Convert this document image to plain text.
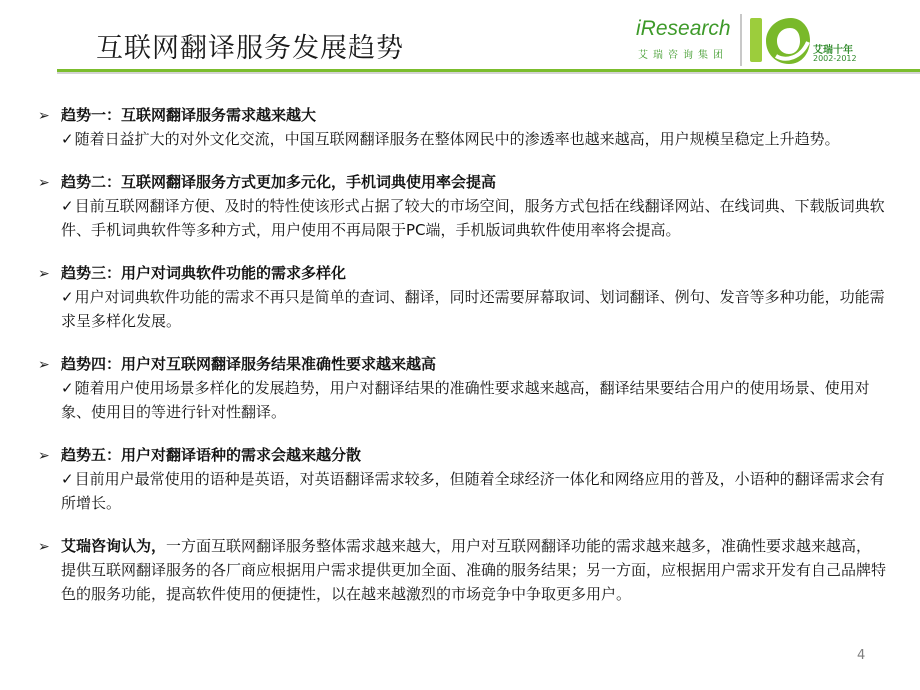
互联网翻译服务发展趋势
iResearch
艾瑞咨询集团	艾瑞十年
2002-2012
➢ 趋势一：互联网翻译服务需求越来越大
✓随着日益扩大的对外文化交流，中国互联网翻译服务在整体网民中的渗透率也越来越高，用户规模呈稳定上升趋势。
➢ 趋势二：互联网翻译服务方式更加多元化，手机词典使用率会提高
✓目前互联网翻译方便、及时的特性使该形式占据了较大的市场空间，服务方式包括在线翻译网站、在线词典、下载版词典软件、手机词典软件等多种方式，用户使用不再局限于PC端，手机版词典软件使用率将会提高。
➢ 趋势三：用户对词典软件功能的需求多样化
✓用户对词典软件功能的需求不再只是简单的查词、翻译，同时还需要屏幕取词、划词翻译、例句、发音等多种功能，功能需求呈多样化发展。
➢ 趋势四：用户对互联网翻译服务结果准确性要求越来越高
✓随着用户使用场景多样化的发展趋势，用户对翻译结果的准确性要求越来越高，翻译结果要结合用户的使用场景、使用对象、使用目的等进行针对性翻译。
➢ 趋势五：用户对翻译语种的需求会越来越分散
✓目前用户最常使用的语种是英语，对英语翻译需求较多，但随着全球经济一体化和网络应用的普及，小语种的翻译需求会有所增长。
➢ 艾瑞咨询认为，一方面互联网翻译服务整体需求越来越大，用户对互联网翻译功能的需求越来越多，准确性要求越来越高，提供互联网翻译服务的各厂商应根据用户需求提供更加全面、准确的服务结果；另一方面，应根据用户需求开发有自己品牌特色的服务功能，提高软件使用的便捷性，以在越来越激烈的市场竞争中争取更多用户。
4
